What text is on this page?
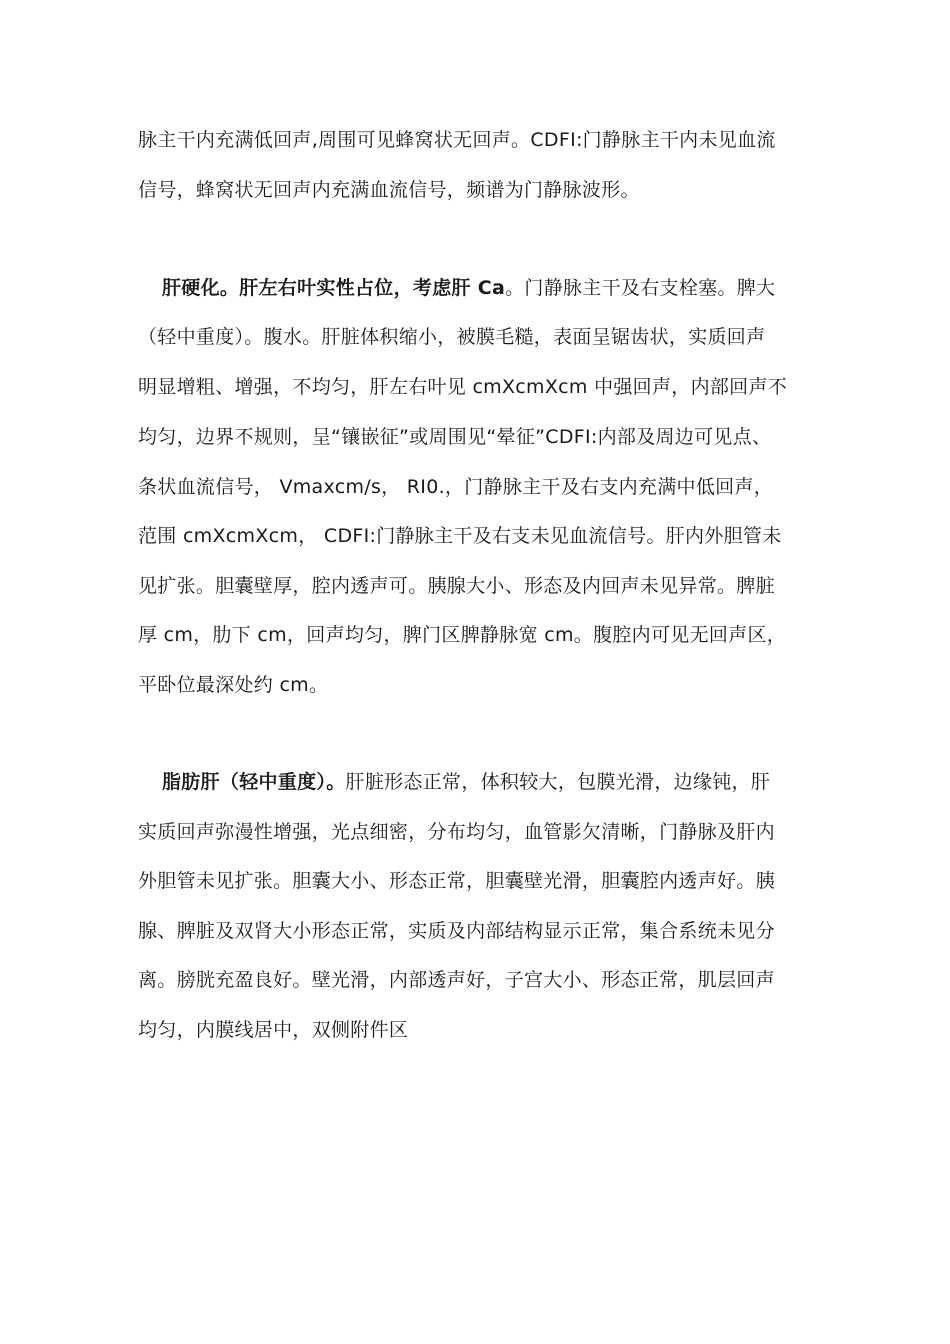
脉主干内充满低回声,周围可见蜂窝状无回声。CDFI:门静脉主干内未见血流
信号，蜂窝状无回声内充满血流信号，频谱为门静脉波形。
肝硬化。肝左右叶实性占位，考虑肝 Ca。门静脉主干及右支栓塞。脾大
（轻中重度）。腹水。肝脏体积缩小，被膜毛糙，表面呈锯齿状，实质回声
明显增粗、增强，不均匀，肝左右叶见 cmXcmXcm 中强回声，内部回声不
均匀，边界不规则，呈“镶嵌征”或周围见“晕征”CDFI:内部及周边可见点、
条状血流信号， Vmaxcm/s， RI0.，门静脉主干及右支内充满中低回声，
范围 cmXcmXcm， CDFI:门静脉主干及右支未见血流信号。肝内外胆管未
见扩张。胆囊壁厚，腔内透声可。胰腺大小、形态及内回声未见异常。脾脏
厚 cm，肋下 cm，回声均匀，脾门区脾静脉宽 cm。腹腔内可见无回声区，
平卧位最深处约 cm。
脂肪肝（轻中重度）。肝脏形态正常，体积较大，包膜光滑，边缘钝，肝
实质回声弥漫性增强，光点细密，分布均匀，血管影欠清晰，门静脉及肝内
外胆管未见扩张。胆囊大小、形态正常，胆囊壁光滑，胆囊腔内透声好。胰
腺、脾脏及双肾大小形态正常，实质及内部结构显示正常，集合系统未见分
离。膀胱充盈良好。壁光滑，内部透声好，子宫大小、形态正常，肌层回声
均匀，内膜线居中，双侧附件区
